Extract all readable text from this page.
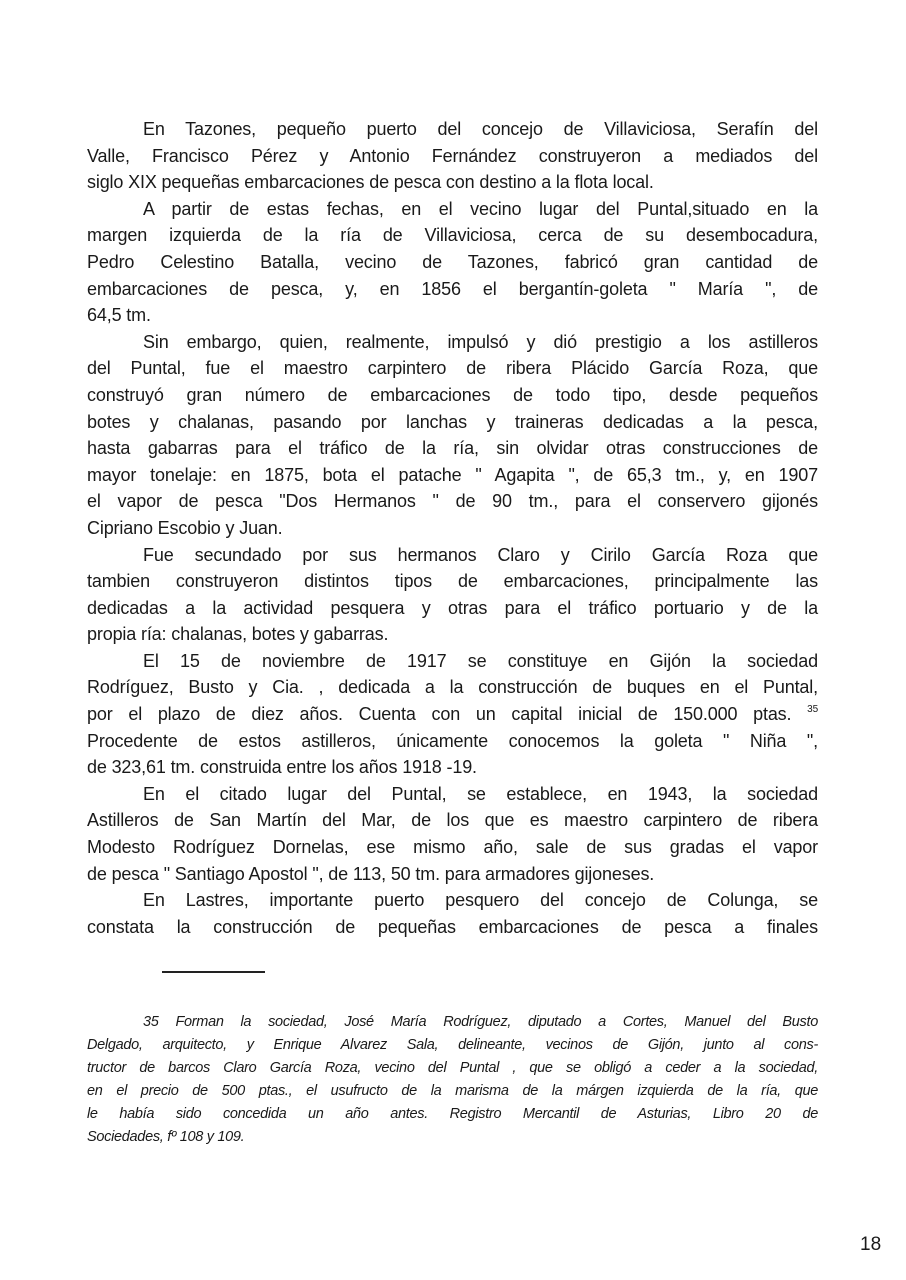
En Tazones, pequeño puerto del concejo de Villaviciosa, Serafín del
Valle, Francisco Pérez y Antonio Fernández construyeron a mediados del
siglo XIX pequeñas embarcaciones de pesca con destino a la flota local.
A partir de estas fechas, en el vecino lugar del Puntal,situado en la
margen izquierda de la ría de Villaviciosa, cerca de su desembocadura,
Pedro Celestino Batalla, vecino de Tazones, fabricó gran cantidad de
embarcaciones de pesca, y, en 1856 el bergantín-goleta " María ", de
64,5 tm.
Sin embargo, quien, realmente, impulsó y dió prestigio a los astilleros
del Puntal, fue el maestro carpintero de ribera Plácido García Roza, que
construyó gran número de embarcaciones de todo tipo, desde pequeños
botes y chalanas, pasando por lanchas y traineras dedicadas a la pesca,
hasta gabarras para el tráfico de la ría, sin olvidar otras construcciones de
mayor tonelaje: en 1875, bota el patache " Agapita ", de 65,3 tm., y, en 1907
el vapor de pesca "Dos Hermanos " de 90 tm., para el conservero gijonés
Cipriano Escobio y Juan.
Fue secundado por sus hermanos Claro y Cirilo García Roza que
tambien construyeron distintos tipos de embarcaciones, principalmente las
dedicadas a la actividad pesquera y otras para el tráfico portuario y de la
propia ría: chalanas, botes y gabarras.
El 15 de noviembre de 1917 se constituye en Gijón la sociedad
Rodríguez, Busto y Cia. , dedicada a la construcción de buques en el Puntal,
por el plazo de diez años. Cuenta con un capital inicial de 150.000 ptas. $^{35}$
Procedente de estos astilleros, únicamente conocemos la goleta " Niña ",
de 323,61 tm. construida entre los años 1918 -19.
En el citado lugar del Puntal, se establece, en 1943, la sociedad
Astilleros de San Martín del Mar, de los que es maestro carpintero de ribera
Modesto Rodríguez Dornelas, ese mismo año, sale de sus gradas el vapor
de pesca " Santiago Apostol ", de 113, 50 tm. para armadores gijoneses.
En Lastres, importante puerto pesquero del concejo de Colunga, se
constata la construcción de pequeñas embarcaciones de pesca a finales
35 Forman la sociedad, José María Rodríguez, diputado a Cortes, Manuel del Busto
Delgado, arquitecto, y Enrique Alvarez Sala, delineante, vecinos de Gijón, junto al cons-
tructor de barcos Claro García Roza, vecino del Puntal , que se obligó a ceder a la sociedad,
en el precio de 500 ptas., el usufructo de la marisma de la márgen izquierda de la ría, que
le había sido concedida un año antes. Registro Mercantil de Asturias, Libro 20 de
Sociedades, fº 108 y 109.
18
